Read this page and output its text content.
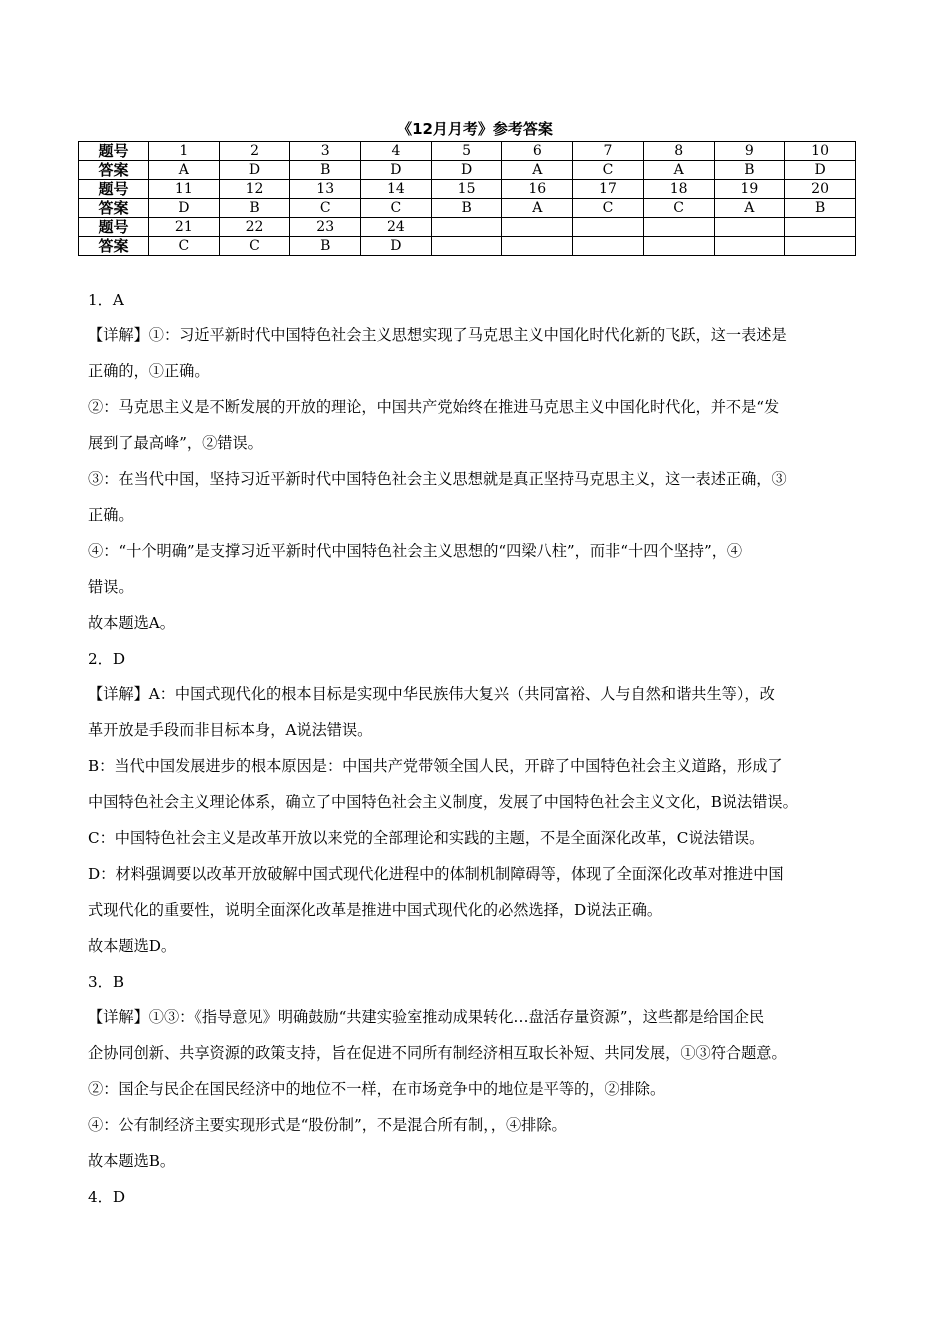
《12月月考》参考答案
题号	1	2	3	4	5	6	7	8	9	10
答案	A	D	B	D	D	A	C	A	B	D
题号	11	12	13	14	15	16	17	18	19	20
答案	D	B	C	C	B	A	C	C	A	B
题号	21	22	23	24						
答案	C	C	B	D						
1．A
【详解】①：习近平新时代中国特色社会主义思想实现了马克思主义中国化时代化新的飞跃，这一表述是
正确的，①正确。
②：马克思主义是不断发展的开放的理论，中国共产党始终在推进马克思主义中国化时代化，并不是“发
展到了最高峰”，②错误。
③：在当代中国，坚持习近平新时代中国特色社会主义思想就是真正坚持马克思主义，这一表述正确，③
正确。
④：“十个明确”是支撑习近平新时代中国特色社会主义思想的“四梁八柱”，而非“十四个坚持”，④
错误。
故本题选A。
2．D
【详解】A：中国式现代化的根本目标是实现中华民族伟大复兴（共同富裕、人与自然和谐共生等），改
革开放是手段而非目标本身，A说法错误。
B：当代中国发展进步的根本原因是：中国共产党带领全国人民，开辟了中国特色社会主义道路，形成了
中国特色社会主义理论体系，确立了中国特色社会主义制度，发展了中国特色社会主义文化，B说法错误。
C：中国特色社会主义是改革开放以来党的全部理论和实践的主题，不是全面深化改革，C说法错误。
D：材料强调要以改革开放破解中国式现代化进程中的体制机制障碍等，体现了全面深化改革对推进中国
式现代化的重要性，说明全面深化改革是推进中国式现代化的必然选择，D说法正确。
故本题选D。
3．B
【详解】①③：《指导意见》明确鼓励“共建实验室推动成果转化…盘活存量资源”，这些都是给国企民
企协同创新、共享资源的政策支持，旨在促进不同所有制经济相互取长补短、共同发展，①③符合题意。
②：国企与民企在国民经济中的地位不一样，在市场竞争中的地位是平等的，②排除。
④：公有制经济主要实现形式是“股份制”，不是混合所有制，，④排除。
故本题选B。
4．D
